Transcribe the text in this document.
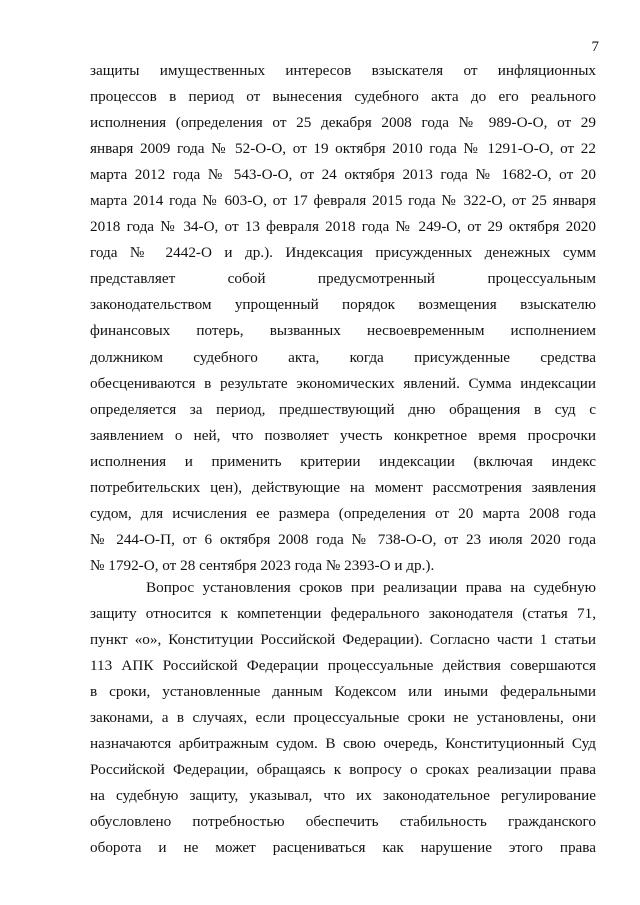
7
защиты имущественных интересов взыскателя от инфляционных
процессов в период от вынесения судебного акта до его реального
исполнения (определения от 25 декабря 2008 года № 989-О-О, от 29
января 2009 года № 52-О-О, от 19 октября 2010 года № 1291-О-О, от 22
марта 2012 года № 543-О-О, от 24 октября 2013 года № 1682-О, от 20
марта 2014 года № 603-О, от 17 февраля 2015 года № 322-О, от 25 января
2018 года № 34-О, от 13 февраля 2018 года № 249-О, от 29 октября 2020
года № 2442-О и др.). Индексация присужденных денежных сумм
представляет собой предусмотренный процессуальным
законодательством упрощенный порядок возмещения взыскателю
финансовых потерь, вызванных несвоевременным исполнением
должником судебного акта, когда присужденные средства
обесцениваются в результате экономических явлений. Сумма индексации
определяется за период, предшествующий дню обращения в суд с
заявлением о ней, что позволяет учесть конкретное время просрочки
исполнения и применить критерии индексации (включая индекс
потребительских цен), действующие на момент рассмотрения заявления
судом, для исчисления ее размера (определения от 20 марта 2008 года
№ 244-О-П, от 6 октября 2008 года № 738-О-О, от 23 июля 2020 года
№ 1792-О, от 28 сентября 2023 года № 2393-О и др.).
Вопрос установления сроков при реализации права на судебную
защиту относится к компетенции федерального законодателя (статья 71,
пункт «о», Конституции Российской Федерации). Согласно части 1 статьи
113 АПК Российской Федерации процессуальные действия совершаются
в сроки, установленные данным Кодексом или иными федеральными
законами, а в случаях, если процессуальные сроки не установлены, они
назначаются арбитражным судом. В свою очередь, Конституционный Суд
Российской Федерации, обращаясь к вопросу о сроках реализации права
на судебную защиту, указывал, что их законодательное регулирование
обусловлено потребностью обеспечить стабильность гражданского
оборота и не может расцениваться как нарушение этого права
